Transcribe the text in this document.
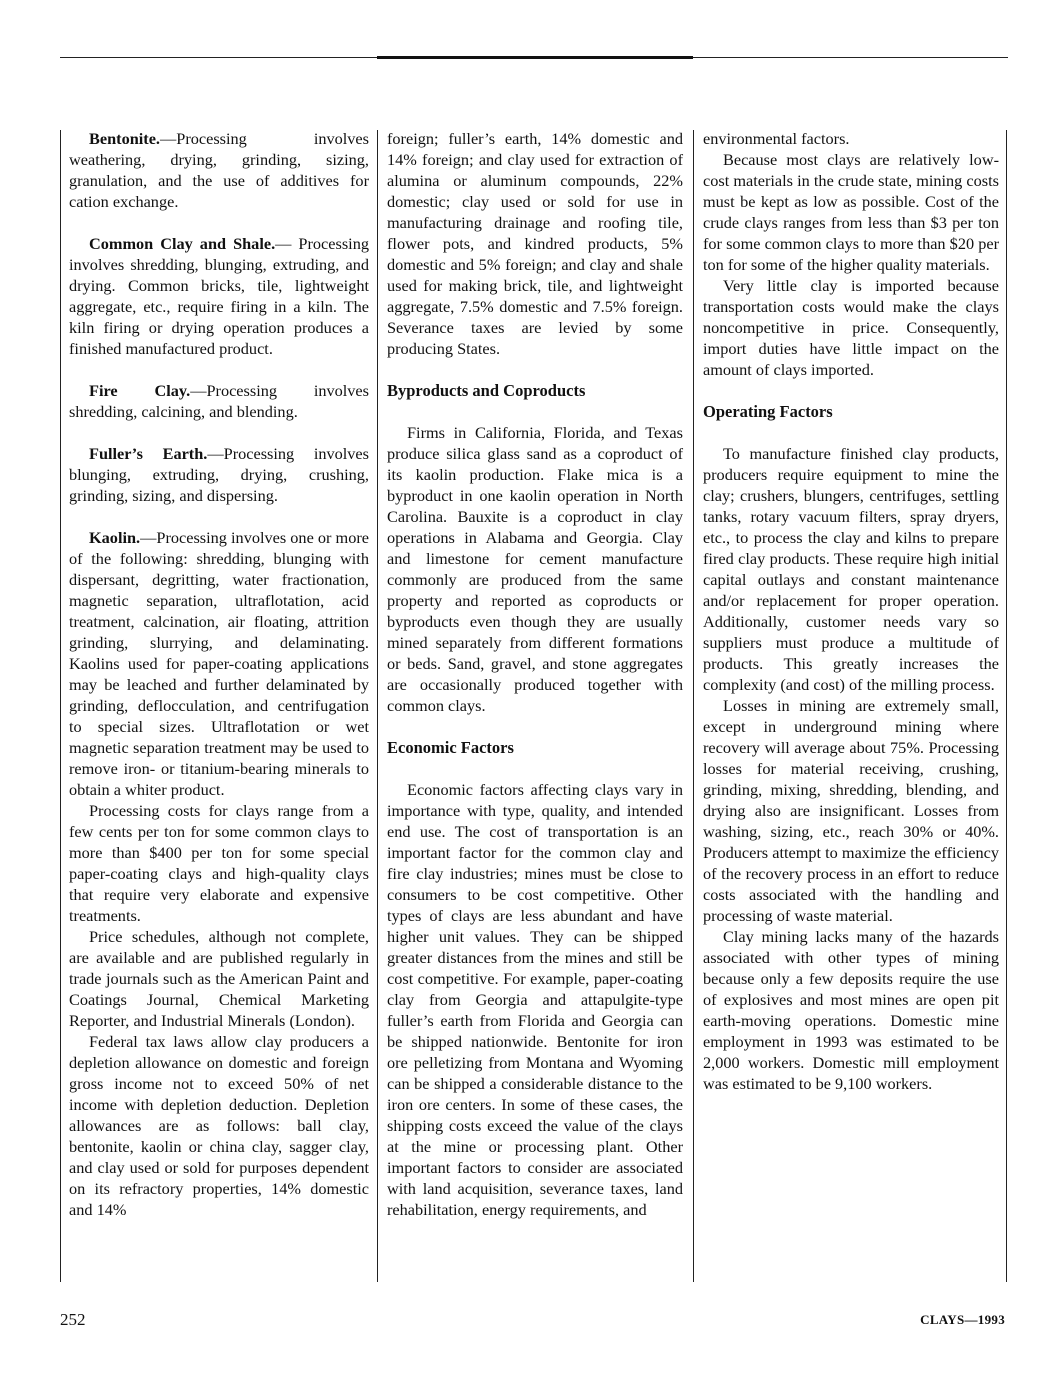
Bentonite.—Processing involves weathering, drying, grinding, sizing, granulation, and the use of additives for cation exchange.

Common Clay and Shale.— Processing involves shredding, blunging, extruding, and drying. Common bricks, tile, lightweight aggregate, etc., require firing in a kiln. The kiln firing or drying operation produces a finished manufactured product.

Fire Clay.—Processing involves shredding, calcining, and blending.

Fuller’s Earth.—Processing involves blunging, extruding, drying, crushing, grinding, sizing, and dispersing.

Kaolin.—Processing involves one or more of the following: shredding, blunging with dispersant, degritting, water fractionation, magnetic separation, ultraflotation, acid treatment, calcination, air floating, attrition grinding, slurrying, and delaminating. Kaolins used for paper-coating applications may be leached and further delaminated by grinding, deflocculation, and centrifugation to special sizes. Ultraflotation or wet magnetic separation treatment may be used to remove iron- or titanium-bearing minerals to obtain a whiter product.

Processing costs for clays range from a few cents per ton for some common clays to more than $400 per ton for some special paper-coating clays and high-quality clays that require very elaborate and expensive treatments.

Price schedules, although not complete, are available and are published regularly in trade journals such as the American Paint and Coatings Journal, Chemical Marketing Reporter, and Industrial Minerals (London).

Federal tax laws allow clay producers a depletion allowance on domestic and foreign gross income not to exceed 50% of net income with depletion deduction. Depletion allowances are as follows: ball clay, bentonite, kaolin or china clay, sagger clay, and clay used or sold for purposes dependent on its refractory properties, 14% domestic and 14%

foreign; fuller’s earth, 14% domestic and 14% foreign; and clay used for extraction of alumina or aluminum compounds, 22% domestic; clay used or sold for use in manufacturing drainage and roofing tile, flower pots, and kindred products, 5% domestic and 5% foreign; and clay and shale used for making brick, tile, and lightweight aggregate, 7.5% domestic and 7.5% foreign. Severance taxes are levied by some producing States.

Byproducts and Coproducts

Firms in California, Florida, and Texas produce silica glass sand as a coproduct of its kaolin production. Flake mica is a byproduct in one kaolin operation in North Carolina. Bauxite is a coproduct in clay operations in Alabama and Georgia. Clay and limestone for cement manufacture commonly are produced from the same property and reported as coproducts or byproducts even though they are usually mined separately from different formations or beds. Sand, gravel, and stone aggregates are occasionally produced together with common clays.

Economic Factors

Economic factors affecting clays vary in importance with type, quality, and intended end use. The cost of transportation is an important factor for the common clay and fire clay industries; mines must be close to consumers to be cost competitive. Other types of clays are less abundant and have higher unit values. They can be shipped greater distances from the mines and still be cost competitive. For example, paper-coating clay from Georgia and attapulgite-type fuller’s earth from Florida and Georgia can be shipped nationwide. Bentonite for iron ore pelletizing from Montana and Wyoming can be shipped a considerable distance to the iron ore centers. In some of these cases, the shipping costs exceed the value of the clays at the mine or processing plant. Other important factors to consider are associated with land acquisition, severance taxes, land rehabilitation, energy requirements, and

environmental factors.

Because most clays are relatively low-cost materials in the crude state, mining costs must be kept as low as possible. Cost of the crude clays ranges from less than $3 per ton for some common clays to more than $20 per ton for some of the higher quality materials.

Very little clay is imported because transportation costs would make the clays noncompetitive in price. Consequently, import duties have little impact on the amount of clays imported.

Operating Factors

To manufacture finished clay products, producers require equipment to mine the clay; crushers, blungers, centrifuges, settling tanks, rotary vacuum filters, spray dryers, etc., to process the clay and kilns to prepare fired clay products. These require high initial capital outlays and constant maintenance and/or replacement for proper operation. Additionally, customer needs vary so suppliers must produce a multitude of products. This greatly increases the complexity (and cost) of the milling process.

Losses in mining are extremely small, except in underground mining where recovery will average about 75%. Processing losses for material receiving, crushing, grinding, mixing, shredding, blending, and drying also are insignificant. Losses from washing, sizing, etc., reach 30% or 40%. Producers attempt to maximize the efficiency of the recovery process in an effort to reduce costs associated with the handling and processing of waste material.

Clay mining lacks many of the hazards associated with other types of mining because only a few deposits require the use of explosives and most mines are open pit earth-moving operations. Domestic mine employment in 1993 was estimated to be 2,000 workers. Domestic mill employment was estimated to be 9,100 workers.

252	CLAYS—1993
